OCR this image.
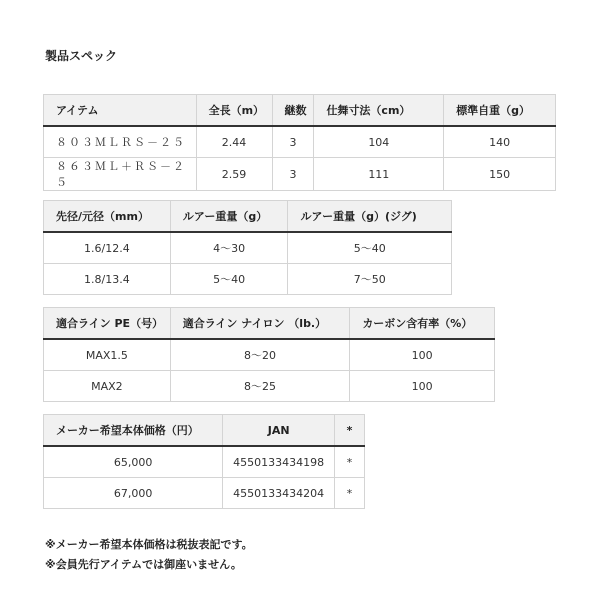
製品スペック
アイテム	全長（m）	継数	仕舞寸法（cm）	標準自重（g）
８０３ＭＬＲＳ－２５	2.44	3	104	140
８６３ＭＬ＋ＲＳ－２５	2.59	3	111	150
先径/元径（mm）	ルアー重量（g）	ルアー重量（g）(ジグ)
1.6/12.4	4〜30	5〜40
1.8/13.4	5〜40	7〜50
適合ライン PE（号）	適合ライン ナイロン （lb.）	カーボン含有率（%）
MAX1.5	8〜20	100
MAX2	8〜25	100
メーカー希望本体価格（円）	JAN	*
65,000	4550133434198	*
67,000	4550133434204	*
※メーカー希望本体価格は税抜表記です。
※会員先行アイテムでは御座いません。
